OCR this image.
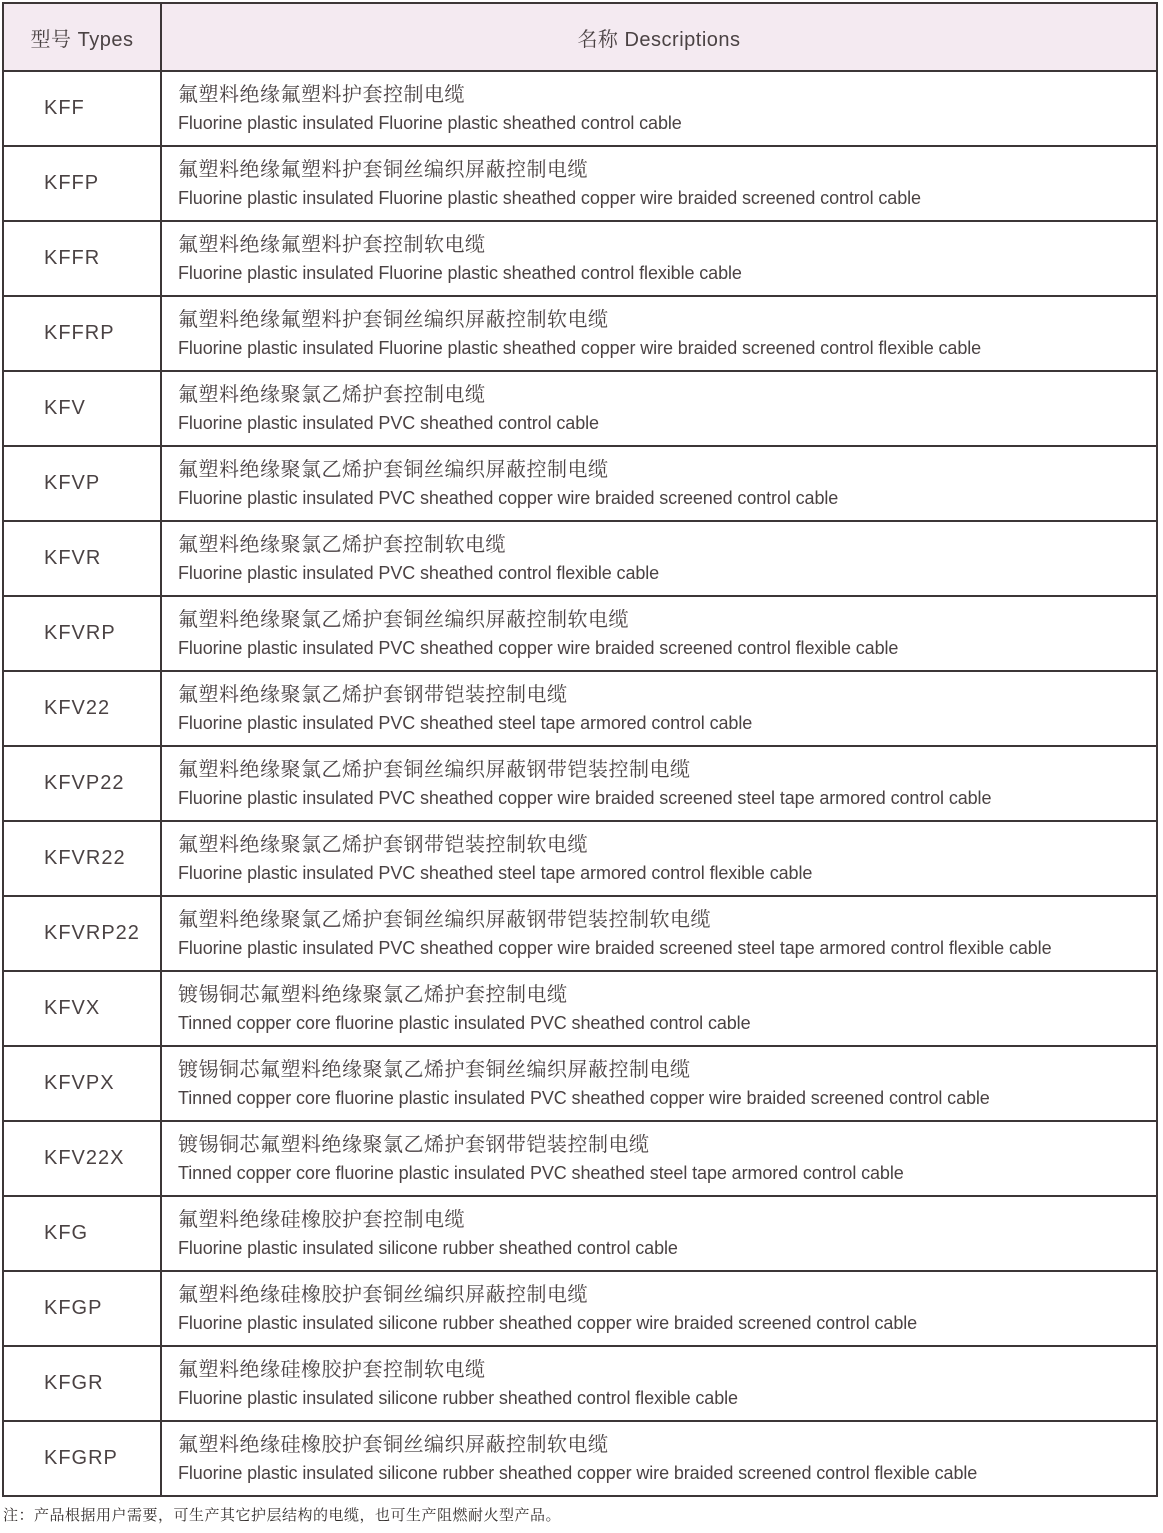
型号 Types	名称 Descriptions
KFF
氟塑料绝缘氟塑料护套控制电缆
Fluorine plastic insulated Fluorine plastic sheathed control cable
KFFP
氟塑料绝缘氟塑料护套铜丝编织屏蔽控制电缆
Fluorine plastic insulated Fluorine plastic sheathed copper wire braided screened control cable
KFFR
氟塑料绝缘氟塑料护套控制软电缆
Fluorine plastic insulated Fluorine plastic sheathed control flexible cable
KFFRP
氟塑料绝缘氟塑料护套铜丝编织屏蔽控制软电缆
Fluorine plastic insulated Fluorine plastic sheathed copper wire braided screened control flexible cable
KFV
氟塑料绝缘聚氯乙烯护套控制电缆
Fluorine plastic insulated PVC sheathed control cable
KFVP
氟塑料绝缘聚氯乙烯护套铜丝编织屏蔽控制电缆
Fluorine plastic insulated PVC sheathed copper wire braided screened control cable
KFVR
氟塑料绝缘聚氯乙烯护套控制软电缆
Fluorine plastic insulated PVC sheathed control flexible cable
KFVRP
氟塑料绝缘聚氯乙烯护套铜丝编织屏蔽控制软电缆
Fluorine plastic insulated PVC sheathed copper wire braided screened control flexible cable
KFV22
氟塑料绝缘聚氯乙烯护套钢带铠装控制电缆
Fluorine plastic insulated PVC sheathed steel tape armored control cable
KFVP22
氟塑料绝缘聚氯乙烯护套铜丝编织屏蔽钢带铠装控制电缆
Fluorine plastic insulated PVC sheathed copper wire braided screened steel tape armored control cable
KFVR22
氟塑料绝缘聚氯乙烯护套钢带铠装控制软电缆
Fluorine plastic insulated PVC sheathed steel tape armored control flexible cable
KFVRP22
氟塑料绝缘聚氯乙烯护套铜丝编织屏蔽钢带铠装控制软电缆
Fluorine plastic insulated PVC sheathed copper wire braided screened steel tape armored control flexible cable
KFVX
镀锡铜芯氟塑料绝缘聚氯乙烯护套控制电缆
Tinned copper core fluorine plastic insulated PVC sheathed control cable
KFVPX
镀锡铜芯氟塑料绝缘聚氯乙烯护套铜丝编织屏蔽控制电缆
Tinned copper core fluorine plastic insulated PVC sheathed copper wire braided screened control cable
KFV22X
镀锡铜芯氟塑料绝缘聚氯乙烯护套钢带铠装控制电缆
Tinned copper core fluorine plastic insulated PVC sheathed steel tape armored control cable
KFG
氟塑料绝缘硅橡胶护套控制电缆
Fluorine plastic insulated silicone rubber sheathed control cable
KFGP
氟塑料绝缘硅橡胶护套铜丝编织屏蔽控制电缆
Fluorine plastic insulated silicone rubber sheathed copper wire braided screened control cable
KFGR
氟塑料绝缘硅橡胶护套控制软电缆
Fluorine plastic insulated silicone rubber sheathed control flexible cable
KFGRP
氟塑料绝缘硅橡胶护套铜丝编织屏蔽控制软电缆
Fluorine plastic insulated silicone rubber sheathed copper wire braided screened control flexible cable
注：产品根据用户需要，可生产其它护层结构的电缆，也可生产阻燃耐火型产品。
